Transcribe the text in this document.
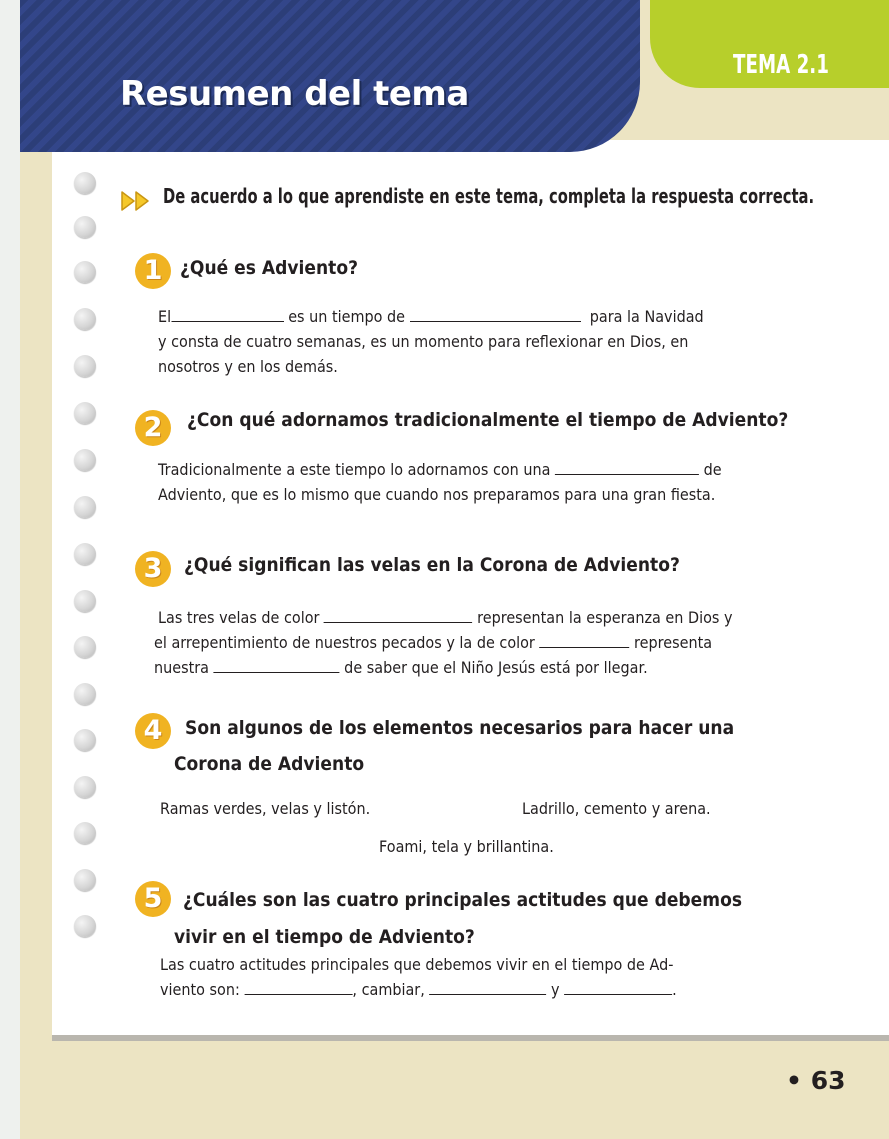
Resumen del tema
TEMA 2.1
De acuerdo a lo que aprendiste en este tema, completa la respuesta correcta.
1 ¿Qué es Adviento?
El	es un tiempo de	para la Navidad
y consta de cuatro semanas, es un momento para reflexionar en Dios, en
nosotros y en los demás.
2	¿Con qué adornamos tradicionalmente el tiempo de Adviento?
Tradicionalmente a este tiempo lo adornamos con una	de
Adviento, que es lo mismo que cuando nos preparamos para una gran fiesta.
3	¿Qué significan las velas en la Corona de Adviento?
Las tres velas de color	representan la esperanza en Dios y
el arrepentimiento de nuestros pecados y la de color	representa
nuestra	de saber que el Niño Jesús está por llegar.
4	Son algunos de los elementos necesarios para hacer una
Corona de Adviento
Ramas verdes, velas y listón.	Ladrillo, cemento y arena.
Foami, tela y brillantina.
5	¿Cuáles son las cuatro principales actitudes que debemos
vivir en el tiempo de Adviento?
Las cuatro actitudes principales que debemos vivir en el tiempo de Ad-
viento son:	, cambiar,	y	.
• 63
